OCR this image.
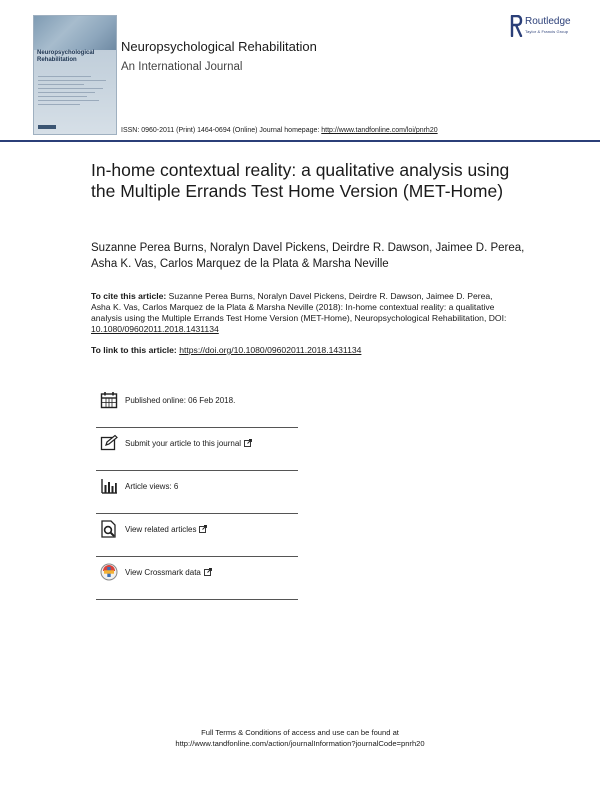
Neuropsychological Rehabilitation
Neuropsychological Rehabilitation
An International Journal
Routledge
Taylor & Francis Group
ISSN: 0960-2011 (Print) 1464-0694 (Online) Journal homepage: http://www.tandfonline.com/loi/pnrh20
In-home contextual reality: a qualitative analysis using the Multiple Errands Test Home Version (MET-Home)
Suzanne Perea Burns, Noralyn Davel Pickens, Deirdre R. Dawson, Jaimee D. Perea, Asha K. Vas, Carlos Marquez de la Plata & Marsha Neville
To cite this article: Suzanne Perea Burns, Noralyn Davel Pickens, Deirdre R. Dawson, Jaimee D. Perea, Asha K. Vas, Carlos Marquez de la Plata & Marsha Neville (2018): In-home contextual reality: a qualitative analysis using the Multiple Errands Test Home Version (MET-Home), Neuropsychological Rehabilitation, DOI: 10.1080/09602011.2018.1431134
To link to this article: https://doi.org/10.1080/09602011.2018.1431134
Published online: 06 Feb 2018.
Submit your article to this journal
Article views: 6
View related articles
View Crossmark data
Full Terms & Conditions of access and use can be found at
http://www.tandfonline.com/action/journalInformation?journalCode=pnrh20
